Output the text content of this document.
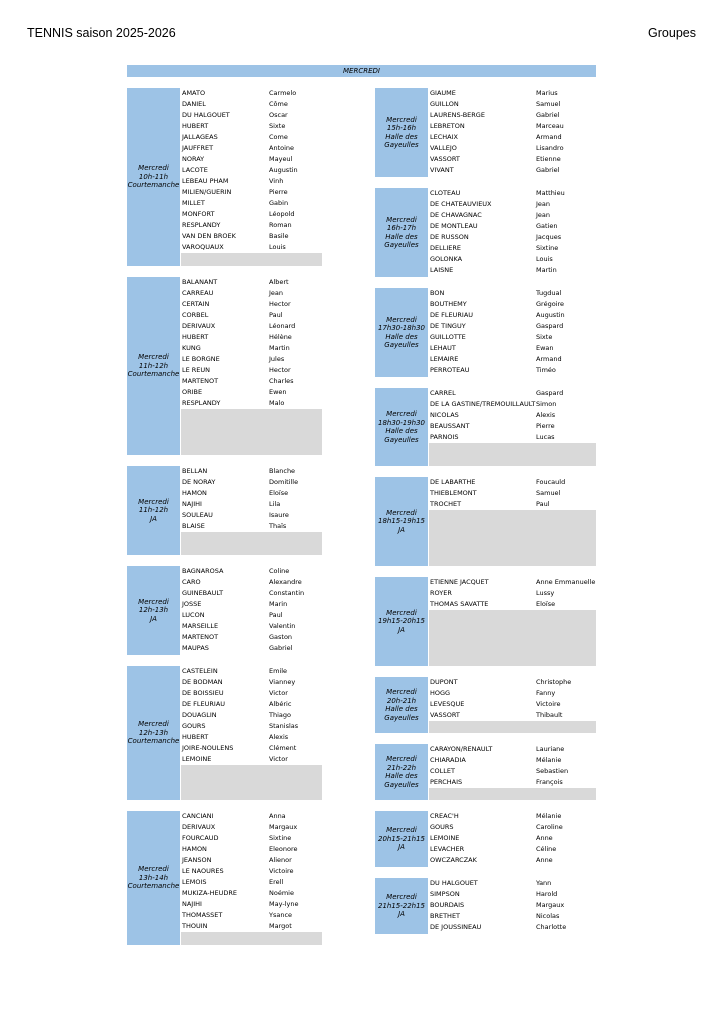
TENNIS saison 2025-2026	Groupes
MERCREDI
Mercredi
10h-11h
Courtemanche
AMATO	Carmelo
DANIEL	Côme
DU HALGOUET	Oscar
HUBERT	Sixte
JALLAGEAS	Come
JAUFFRET	Antoine
NORAY	Mayeul
LACOTE	Augustin
LEBEAU PHAM	Vinh
MILIEN/GUERIN	Pierre
MILLET	Gabin
MONFORT	Léopold
RESPLANDY	Roman
VAN DEN BROEK	Basile
VAROQUAUX	Louis
Mercredi
11h-12h
Courtemanche
BALANANT	Albert
CARREAU	Jean
CERTAIN	Hector
CORBEL	Paul
DERIVAUX	Léonard
HUBERT	Hélène
KUNG	Martin
LE BORGNE	Jules
LE REUN	Hector
MARTENOT	Charles
ORIBE	Ewen
RESPLANDY	Malo
Mercredi
11h-12h
JA
BELLAN	Blanche
DE NORAY	Domitille
HAMON	Eloïse
NAJIHI	Lila
SOULEAU	Isaure
BLAISE	Thaïs
Mercredi
12h-13h
JA
BAGNAROSA	Coline
CARO	Alexandre
GUINEBAULT	Constantin
JOSSE	Marin
LUCON	Paul
MARSEILLE	Valentin
MARTENOT	Gaston
MAUPAS	Gabriel
Mercredi
12h-13h
Courtemanche
CASTELEIN	Emile
DE BODMAN	Vianney
DE BOISSIEU	Victor
DE FLEURIAU	Albéric
DOUAGLIN	Thiago
GOURS	Stanislas
HUBERT	Alexis
JOIRE-NOULENS	Clément
LEMOINE	Victor
Mercredi
13h-14h
Courtemanche
CANCIANI	Anna
DERIVAUX	Margaux
FOURCAUD	Sixtine
HAMON	Eleonore
JEANSON	Alienor
LE NAOURES	Victoire
LEMOIS	Erell
MUKIZA-HEUDRE	Noémie
NAJIHI	May-lyne
THOMASSET	Ysance
THOUIN	Margot
Mercredi
15h-16h
Halle des
Gayeulles
GIAUME	Marius
GUILLON	Samuel
LAURENS-BERGE	Gabriel
LEBRETON	Marceau
LECHAIX	Armand
VALLEJO	Lisandro
VASSORT	Etienne
VIVANT	Gabriel
Mercredi
16h-17h
Halle des
Gayeulles
CLOTEAU	Matthieu
DE CHATEAUVIEUX	Jean
DE CHAVAGNAC	Jean
DE MONTLEAU	Gatien
DE RUSSON	Jacques
DELLIERE	Sixtine
GOLONKA	Louis
LAISNE	Martin
Mercredi
17h30-18h30
Halle des
Gayeulles
BON	Tugdual
BOUTHEMY	Grégoire
DE FLEURIAU	Augustin
DE TINGUY	Gaspard
GUILLOTTE	Sixte
LEHAUT	Ewan
LEMAIRE	Armand
PERROTEAU	Timéo
Mercredi
18h30-19h30
Halle des
Gayeulles
CARREL	Gaspard
DE LA GASTINE/TREMOUILLAULT Simon
NICOLAS	Alexis
BEAUSSANT	Pierre
PARNOIS	Lucas
Mercredi
18h15-19h15
JA
DE LABARTHE	Foucauld
THIEBLEMONT	Samuel
TROCHET	Paul
Mercredi
19h15-20h15
JA
ETIENNE JACQUET	Anne Emmanuelle
ROYER	Lussy
THOMAS SAVATTE	Eloïse
Mercredi
20h-21h
Halle des
Gayeulles
DUPONT	Christophe
HOGG	Fanny
LEVESQUE	Victoire
VASSORT	Thibault
Mercredi
21h-22h
Halle des
Gayeulles
CARAYON/RENAULT	Lauriane
CHIARADIA	Mélanie
COLLET	Sebastien
PERCHAIS	François
Mercredi
20h15-21h15
JA
CREAC'H	Mélanie
GOURS	Caroline
LEMOINE	Anne
LEVACHER	Céline
OWCZARCZAK	Anne
Mercredi
21h15-22h15
JA
DU HALGOUET	Yann
SIMPSON	Harold
BOURDAIS	Margaux
BRETHET	Nicolas
DE JOUSSINEAU	Charlotte
